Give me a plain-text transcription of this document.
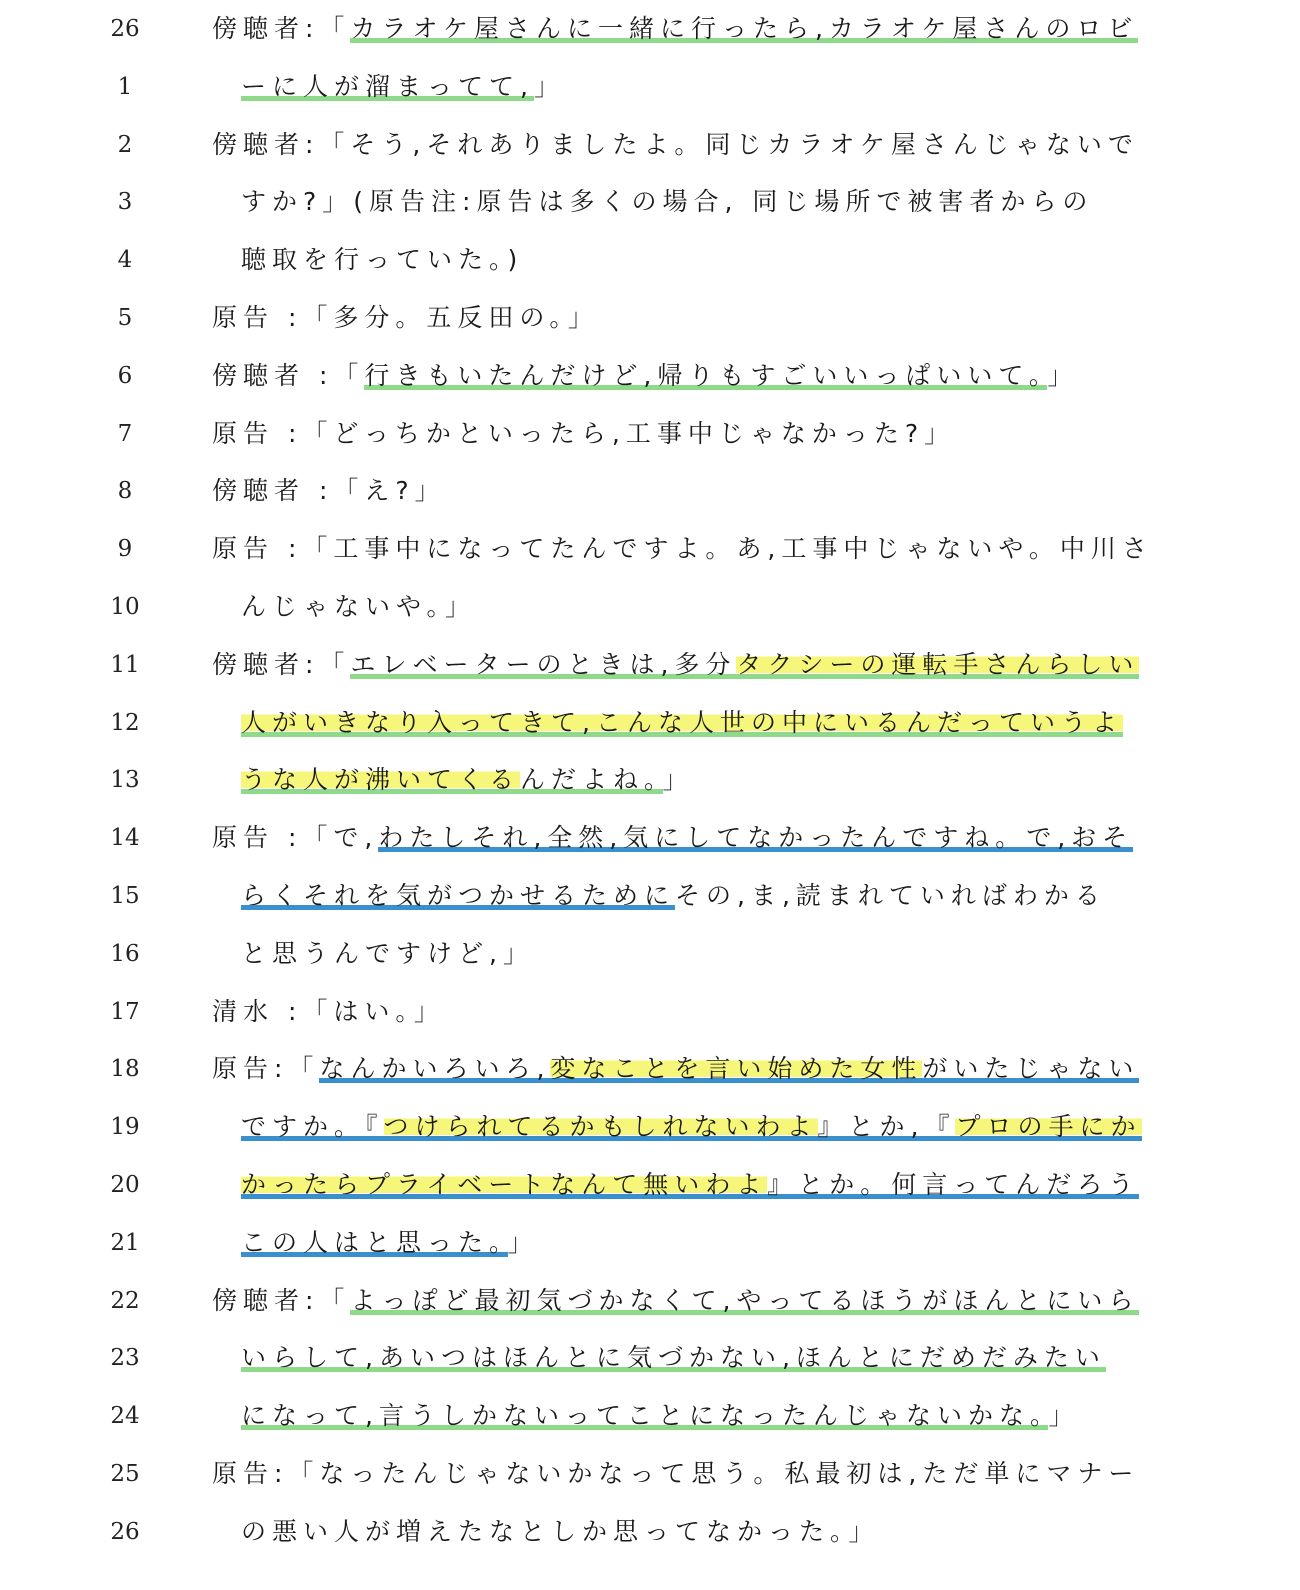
26	傍聴者:「カラオケ屋さんに一緒に行ったら,カラオケ屋さんのロビ
1	ーに人が溜まってて,」
2	傍聴者:「そう,それありましたよ。同じカラオケ屋さんじゃないで
3	すか?」(原告注:原告は多くの場合, 同じ場所で被害者からの
4	聴取を行っていた。)
5	原告 :「多分。五反田の。」
6	傍聴者 :「行きもいたんだけど,帰りもすごいいっぱいいて。」
7	原告 :「どっちかといったら,工事中じゃなかった?」
8	傍聴者 :「え?」
9	原告 :「工事中になってたんですよ。あ,工事中じゃないや。中川さ
10	んじゃないや。」
11	傍聴者:「エレベーターのときは,多分タクシーの運転手さんらしい
12	人がいきなり入ってきて,こんな人世の中にいるんだっていうよ
13	うな人が沸いてくるんだよね。」
14	原告 :「で,わたしそれ,全然,気にしてなかったんですね。で,おそ
15	らくそれを気がつかせるためにその,ま,読まれていればわかる
16	と思うんですけど,」
17	清水 :「はい。」
18	原告:「なんかいろいろ,変なことを言い始めた女性がいたじゃない
19	ですか。『つけられてるかもしれないわよ』とか,『プロの手にか
20	かったらプライベートなんて無いわよ』とか。何言ってんだろう
21	この人はと思った。」
22	傍聴者:「よっぽど最初気づかなくて,やってるほうがほんとにいら
23	いらして,あいつはほんとに気づかない,ほんとにだめだみたい
24	になって,言うしかないってことになったんじゃないかな。」
25	原告:「なったんじゃないかなって思う。私最初は,ただ単にマナー
26	の悪い人が増えたなとしか思ってなかった。」
